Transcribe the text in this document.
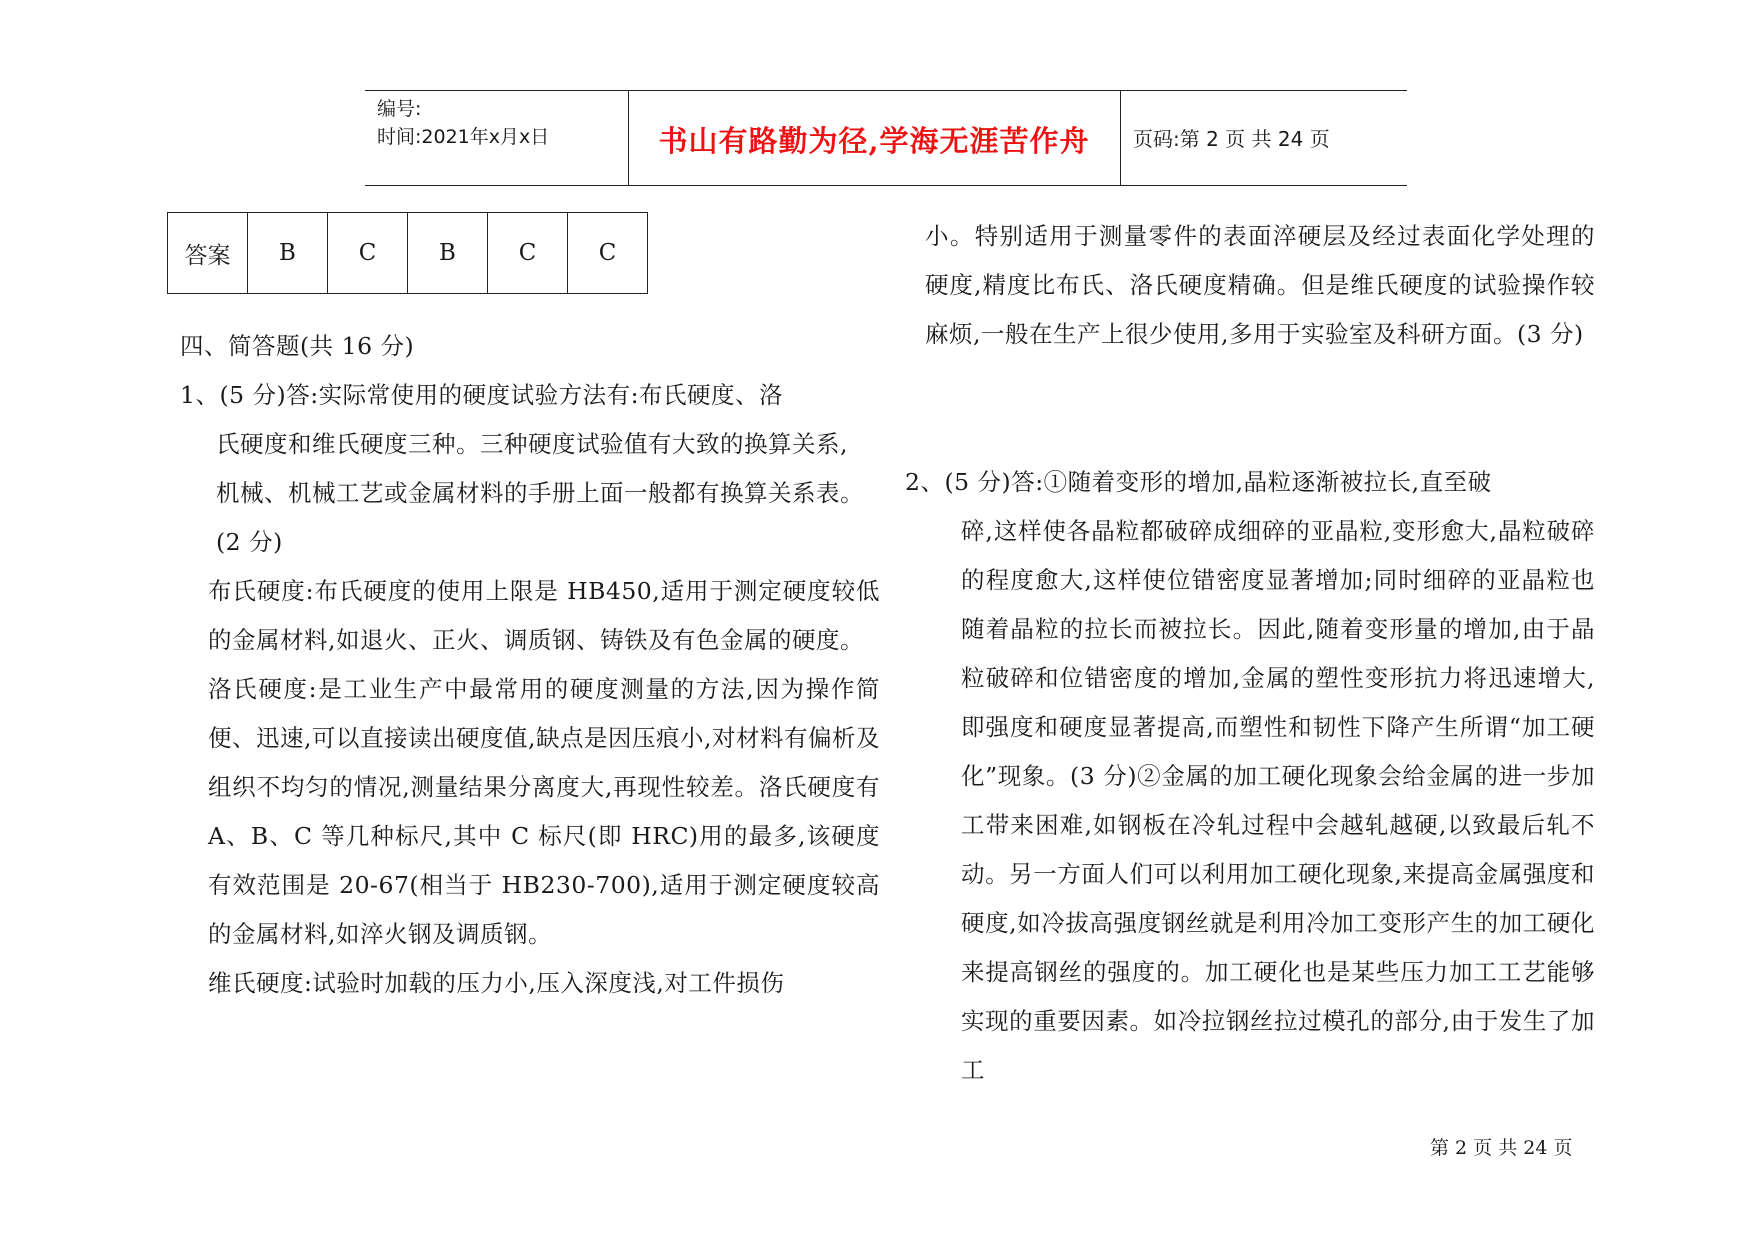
编号:
时间:2021年x月x日	书山有路勤为径,学海无涯苦作舟	页码:第 2 页 共 24 页
答案	B	C	B	C	C

四、简答题(共 16 分)

1、(5 分)答:实际常使用的硬度试验方法有:布氏硬度、洛

氏硬度和维氏硬度三种。三种硬度试验值有大致的换算关系,

机械、机械工艺或金属材料的手册上面一般都有换算关系表。

(2 分)

布氏硬度:布氏硬度的使用上限是 HB450,适用于测定硬度较低的金属材料,如退火、正火、调质钢、铸铁及有色金属的硬度。

洛氏硬度:是工业生产中最常用的硬度测量的方法,因为操作简便、迅速,可以直接读出硬度值,缺点是因压痕小,对材料有偏析及组织不均匀的情况,测量结果分离度大,再现性较差。洛氏硬度有 A、B、C 等几种标尺,其中 C 标尺(即 HRC)用的最多,该硬度有效范围是 20-67(相当于 HB230-700),适用于测定硬度较高的金属材料,如淬火钢及调质钢。

维氏硬度:试验时加载的压力小,压入深度浅,对工件损伤

小。特别适用于测量零件的表面淬硬层及经过表面化学处理的硬度,精度比布氏、洛氏硬度精确。但是维氏硬度的试验操作较麻烦,一般在生产上很少使用,多用于实验室及科研方面。(3 分)

2、(5 分)答:①随着变形的增加,晶粒逐渐被拉长,直至破

碎,这样使各晶粒都破碎成细碎的亚晶粒,变形愈大,晶粒破碎的程度愈大,这样使位错密度显著增加;同时细碎的亚晶粒也随着晶粒的拉长而被拉长。因此,随着变形量的增加,由于晶粒破碎和位错密度的增加,金属的塑性变形抗力将迅速增大,即强度和硬度显著提高,而塑性和韧性下降产生所谓“加工硬化”现象。(3 分)②金属的加工硬化现象会给金属的进一步加工带来困难,如钢板在冷轧过程中会越轧越硬,以致最后轧不动。另一方面人们可以利用加工硬化现象,来提高金属强度和硬度,如冷拔高强度钢丝就是利用冷加工变形产生的加工硬化来提高钢丝的强度的。加工硬化也是某些压力加工工艺能够实现的重要因素。如冷拉钢丝拉过模孔的部分,由于发生了加工

第 2 页 共 24 页
